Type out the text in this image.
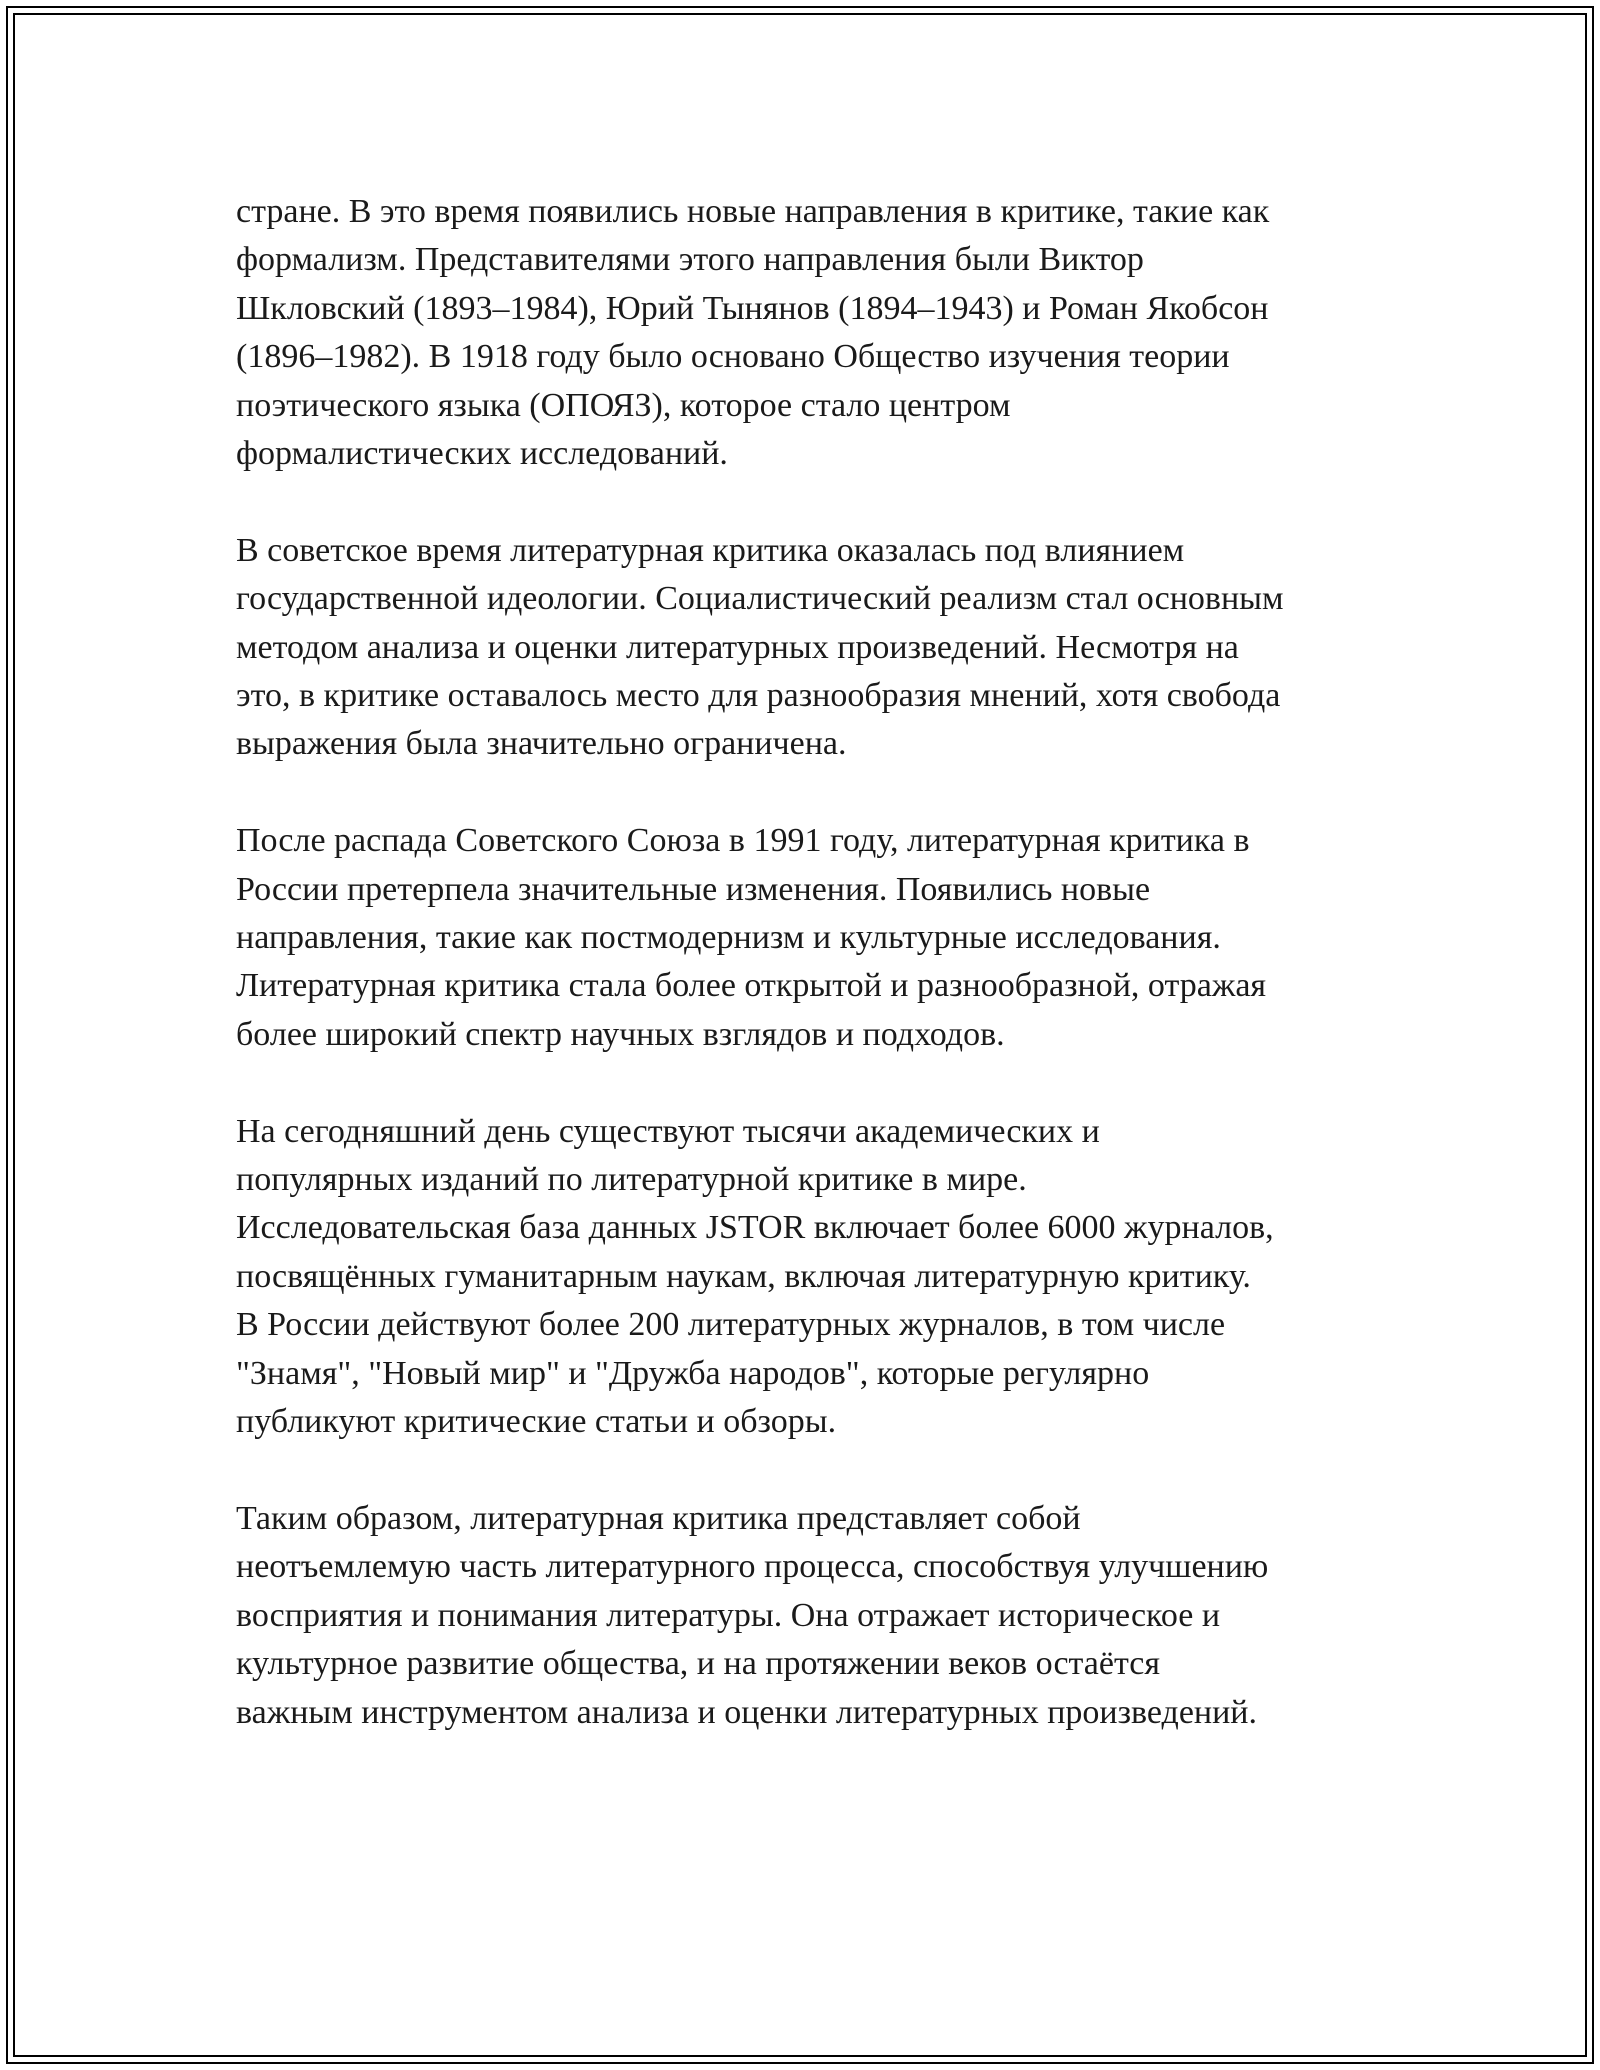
стране. В это время появились новые направления в критике, такие как
формализм. Представителями этого направления были Виктор
Шкловский (1893–1984), Юрий Тынянов (1894–1943) и Роман Якобсон
(1896–1982). В 1918 году было основано Общество изучения теории
поэтического языка (ОПОЯЗ), которое стало центром
формалистических исследований.

В советское время литературная критика оказалась под влиянием
государственной идеологии. Социалистический реализм стал основным
методом анализа и оценки литературных произведений. Несмотря на
это, в критике оставалось место для разнообразия мнений, хотя свобода
выражения была значительно ограничена.

После распада Советского Союза в 1991 году, литературная критика в
России претерпела значительные изменения. Появились новые
направления, такие как постмодернизм и культурные исследования.
Литературная критика стала более открытой и разнообразной, отражая
более широкий спектр научных взглядов и подходов.

На сегодняшний день существуют тысячи академических и
популярных изданий по литературной критике в мире.
Исследовательская база данных JSTOR включает более 6000 журналов,
посвящённых гуманитарным наукам, включая литературную критику.
В России действуют более 200 литературных журналов, в том числе
"Знамя", "Новый мир" и "Дружба народов", которые регулярно
публикуют критические статьи и обзоры.

Таким образом, литературная критика представляет собой
неотъемлемую часть литературного процесса, способствуя улучшению
восприятия и понимания литературы. Она отражает историческое и
культурное развитие общества, и на протяжении веков остаётся
важным инструментом анализа и оценки литературных произведений.
